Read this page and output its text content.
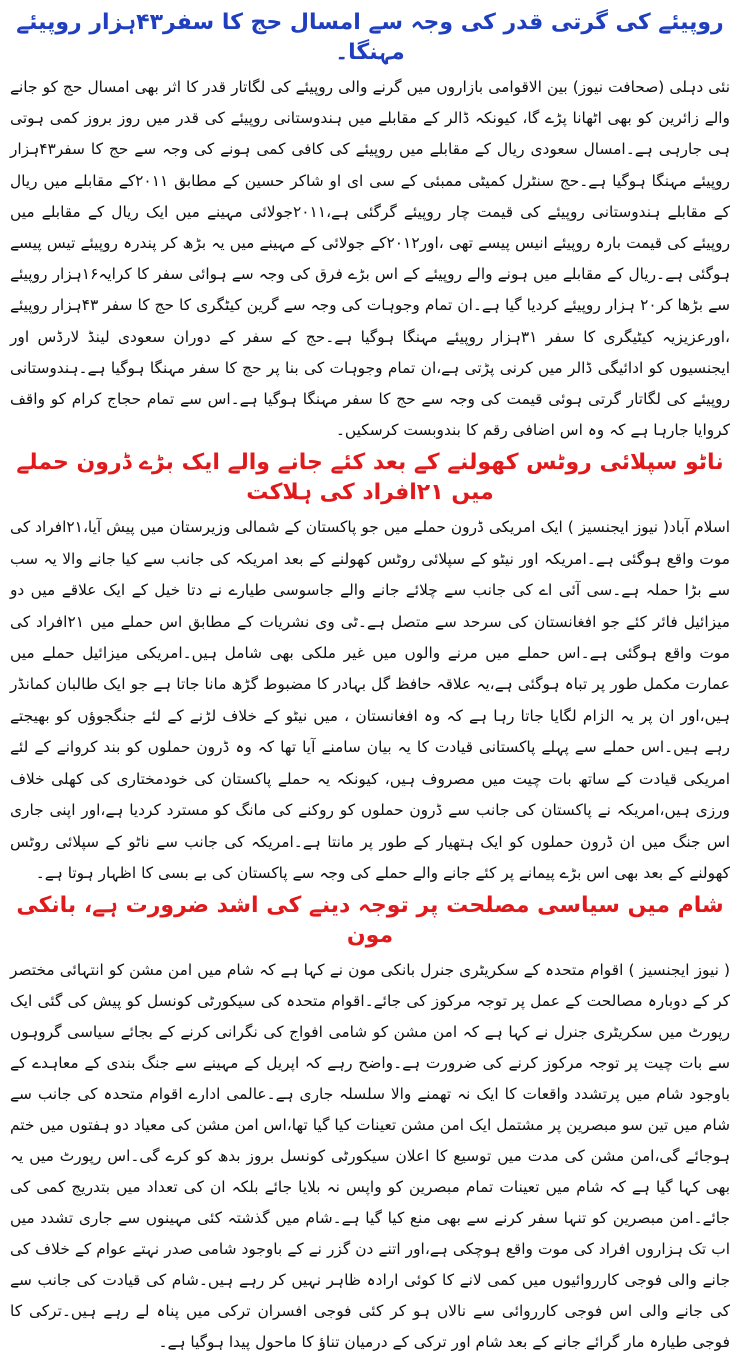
روپیئے کی گرتی قدر کی وجہ سے امسال حج کا سفر۴۳ہزار روپیئے مہنگا۔

نئی دہلی (صحافت نیوز) بین الاقوامی بازاروں میں گرنے والی روپیئے کی لگاتار قدر کا اثر بھی امسال حج کو جانے والے زائرین کو بھی اٹھانا پڑے گا، کیونکہ ڈالر کے مقابلے میں ہندوستانی روپیئے کی قدر میں روز بروز کمی ہوتی ہی جارہی ہے۔امسال سعودی ریال کے مقابلے میں روپیئے کی کافی کمی ہونے کی وجہ سے حج کا سفر۴۳ہزار روپیئے مہنگا ہوگیا ہے۔حج سنٹرل کمیٹی ممبئی کے سی ای او شاکر حسین کے مطابق ۲۰۱۱کے مقابلے میں ریال کے مقابلے ہندوستانی روپیئے کی قیمت چار روپیئے گرگئی ہے،۲۰۱۱جولائی مہینے میں ایک ریال کے مقابلے میں روپیئے کی قیمت بارہ روپیئے انیس پیسے تھی ،اور۲۰۱۲کے جولائی کے مہینے میں یہ بڑھ کر پندرہ روپیئے تیس پیسے ہوگئی ہے۔ریال کے مقابلے میں ہونے والے روپیئے کے اس بڑے فرق کی وجہ سے ہوائی سفر کا کرایہ۱۶ہزار روپیئے سے بڑھا کر۲۰ ہزار روپیئے کردیا گیا ہے۔ان تمام وجوہات کی وجہ سے گرین کیٹگری کا حج کا سفر ۴۳ہزار روپیئے ،اورعزیزیہ کیٹیگری کا سفر ۳۱ہزار روپیئے مہنگا ہوگیا ہے۔حج کے سفر کے دوران سعودی لینڈ لارڈس اور ایجنسیوں کو ادائیگی ڈالر میں کرنی پڑتی ہے،ان تمام وجوہات کی بنا پر حج کا سفر مہنگا ہوگیا ہے۔ہندوستانی روپیئے کی لگاتار گرتی ہوئی قیمت کی وجہ سے حج کا سفر مہنگا ہوگیا ہے۔اس سے تمام حجاج کرام کو واقف کروایا جارہا ہے کہ وہ اس اضافی رقم کا بندوبست کرسکیں۔

ناٹو سپلائی روٹس کھولنے کے بعد کئے جانے والے ایک بڑے ڈرون حملے میں ۲۱افراد کی ہلاکت

اسلام آباد( نیوز ایجنسیز ) ایک امریکی ڈرون حملے میں جو پاکستان کے شمالی وزیرستان میں پیش آیا،۲۱افراد کی موت واقع ہوگئی ہے۔امریکہ اور نیٹو کے سپلائی روٹس کھولنے کے بعد امریکہ کی جانب سے کیا جانے والا یہ سب سے بڑا حملہ ہے۔سی آئی اے کی جانب سے چلائے جانے والے جاسوسی طیارے نے دتا خیل کے ایک علاقے میں دو میزائیل فائر کئے جو افغانستان کی سرحد سے متصل ہے۔ٹی وی نشریات کے مطابق اس حملے میں ۲۱افراد کی موت واقع ہوگئی ہے۔اس حملے میں مرنے والوں میں غیر ملکی بھی شامل ہیں۔امریکی میزائیل حملے میں عمارت مکمل طور پر تباہ ہوگئی ہے،یہ علاقہ حافظ گل بہادر کا مضبوط گڑھ مانا جاتا ہے جو ایک طالبان کمانڈر ہیں،اور ان پر یہ الزام لگایا جاتا رہا ہے کہ وہ افغانستان ، میں نیٹو کے خلاف لڑنے کے لئے جنگجوؤں کو بھیجتے رہے ہیں۔اس حملے سے پہلے پاکستانی قیادت کا یہ بیان سامنے آیا تھا کہ وہ ڈرون حملوں کو بند کروانے کے لئے امریکی قیادت کے ساتھ بات چیت میں مصروف ہیں، کیونکہ یہ حملے پاکستان کی خودمختاری کی کھلی خلاف ورزی ہیں،امریکہ نے پاکستان کی جانب سے ڈرون حملوں کو روکنے کی مانگ کو مسترد کردیا ہے،اور اپنی جاری اس جنگ میں ان ڈرون حملوں کو ایک ہتھیار کے طور پر مانتا ہے۔امریکہ کی جانب سے ناٹو کے سپلائی روٹس کھولنے کے بعد بھی اس بڑے پیمانے پر کئے جانے والے حملے کی وجہ سے پاکستان کی بے بسی کا اظہار ہوتا ہے۔

شام میں سیاسی مصلحت پر توجہ دینے کی اشد ضرورت ہے، بانکی مون

( نیوز ایجنسیز ) اقوام متحدہ کے سکریٹری جنرل بانکی مون نے کہا ہے کہ شام میں امن مشن کو انتہائی مختصر کر کے دوبارہ مصالحت کے عمل پر توجہ مرکوز کی جائے۔اقوام متحدہ کی سیکورٹی کونسل کو پیش کی گئی ایک رپورٹ میں سکریٹری جنرل نے کہا ہے کہ امن مشن کو شامی افواج کی نگرانی کرنے کے بجائے سیاسی گروہوں سے بات چیت پر توجہ مرکوز کرنے کی ضرورت ہے۔واضح رہے کہ اپریل کے مہینے سے جنگ بندی کے معاہدے کے باوجود شام میں پرتشدد واقعات کا ایک نہ تھمنے والا سلسلہ جاری ہے۔عالمی ادارے اقوام متحدہ کی جانب سے شام میں تین سو مبصرین پر مشتمل ایک امن مشن تعینات کیا گیا تھا،اس امن مشن کی معیاد دو ہفتوں میں ختم ہوجائے گی،امن مشن کی مدت میں توسیع کا اعلان سیکورٹی کونسل بروز بدھ کو کرے گی۔اس رپورٹ میں یہ بھی کہا گیا ہے کہ شام میں تعینات تمام مبصرین کو واپس نہ بلایا جائے بلکہ ان کی تعداد میں بتدریج کمی کی جائے۔امن مبصرین کو تنہا سفر کرنے سے بھی منع کیا گیا ہے۔شام میں گذشتہ کئی مہینوں سے جاری تشدد میں اب تک ہزاروں افراد کی موت واقع ہوچکی ہے،اور اتنے دن گزر نے کے باوجود شامی صدر نہتے عوام کے خلاف کی جانے والی فوجی کارروائیوں میں کمی لانے کا کوئی ارادہ ظاہر نہیں کر رہے ہیں۔شام کی قیادت کی جانب سے کی جانے والی اس فوجی کارروائی سے نالاں ہو کر کئی فوجی افسران ترکی میں پناہ لے رہے ہیں۔ترکی کا فوجی طیارہ مار گرائے جانے کے بعد شام اور ترکی کے درمیان تناؤ کا ماحول پیدا ہوگیا ہے۔
